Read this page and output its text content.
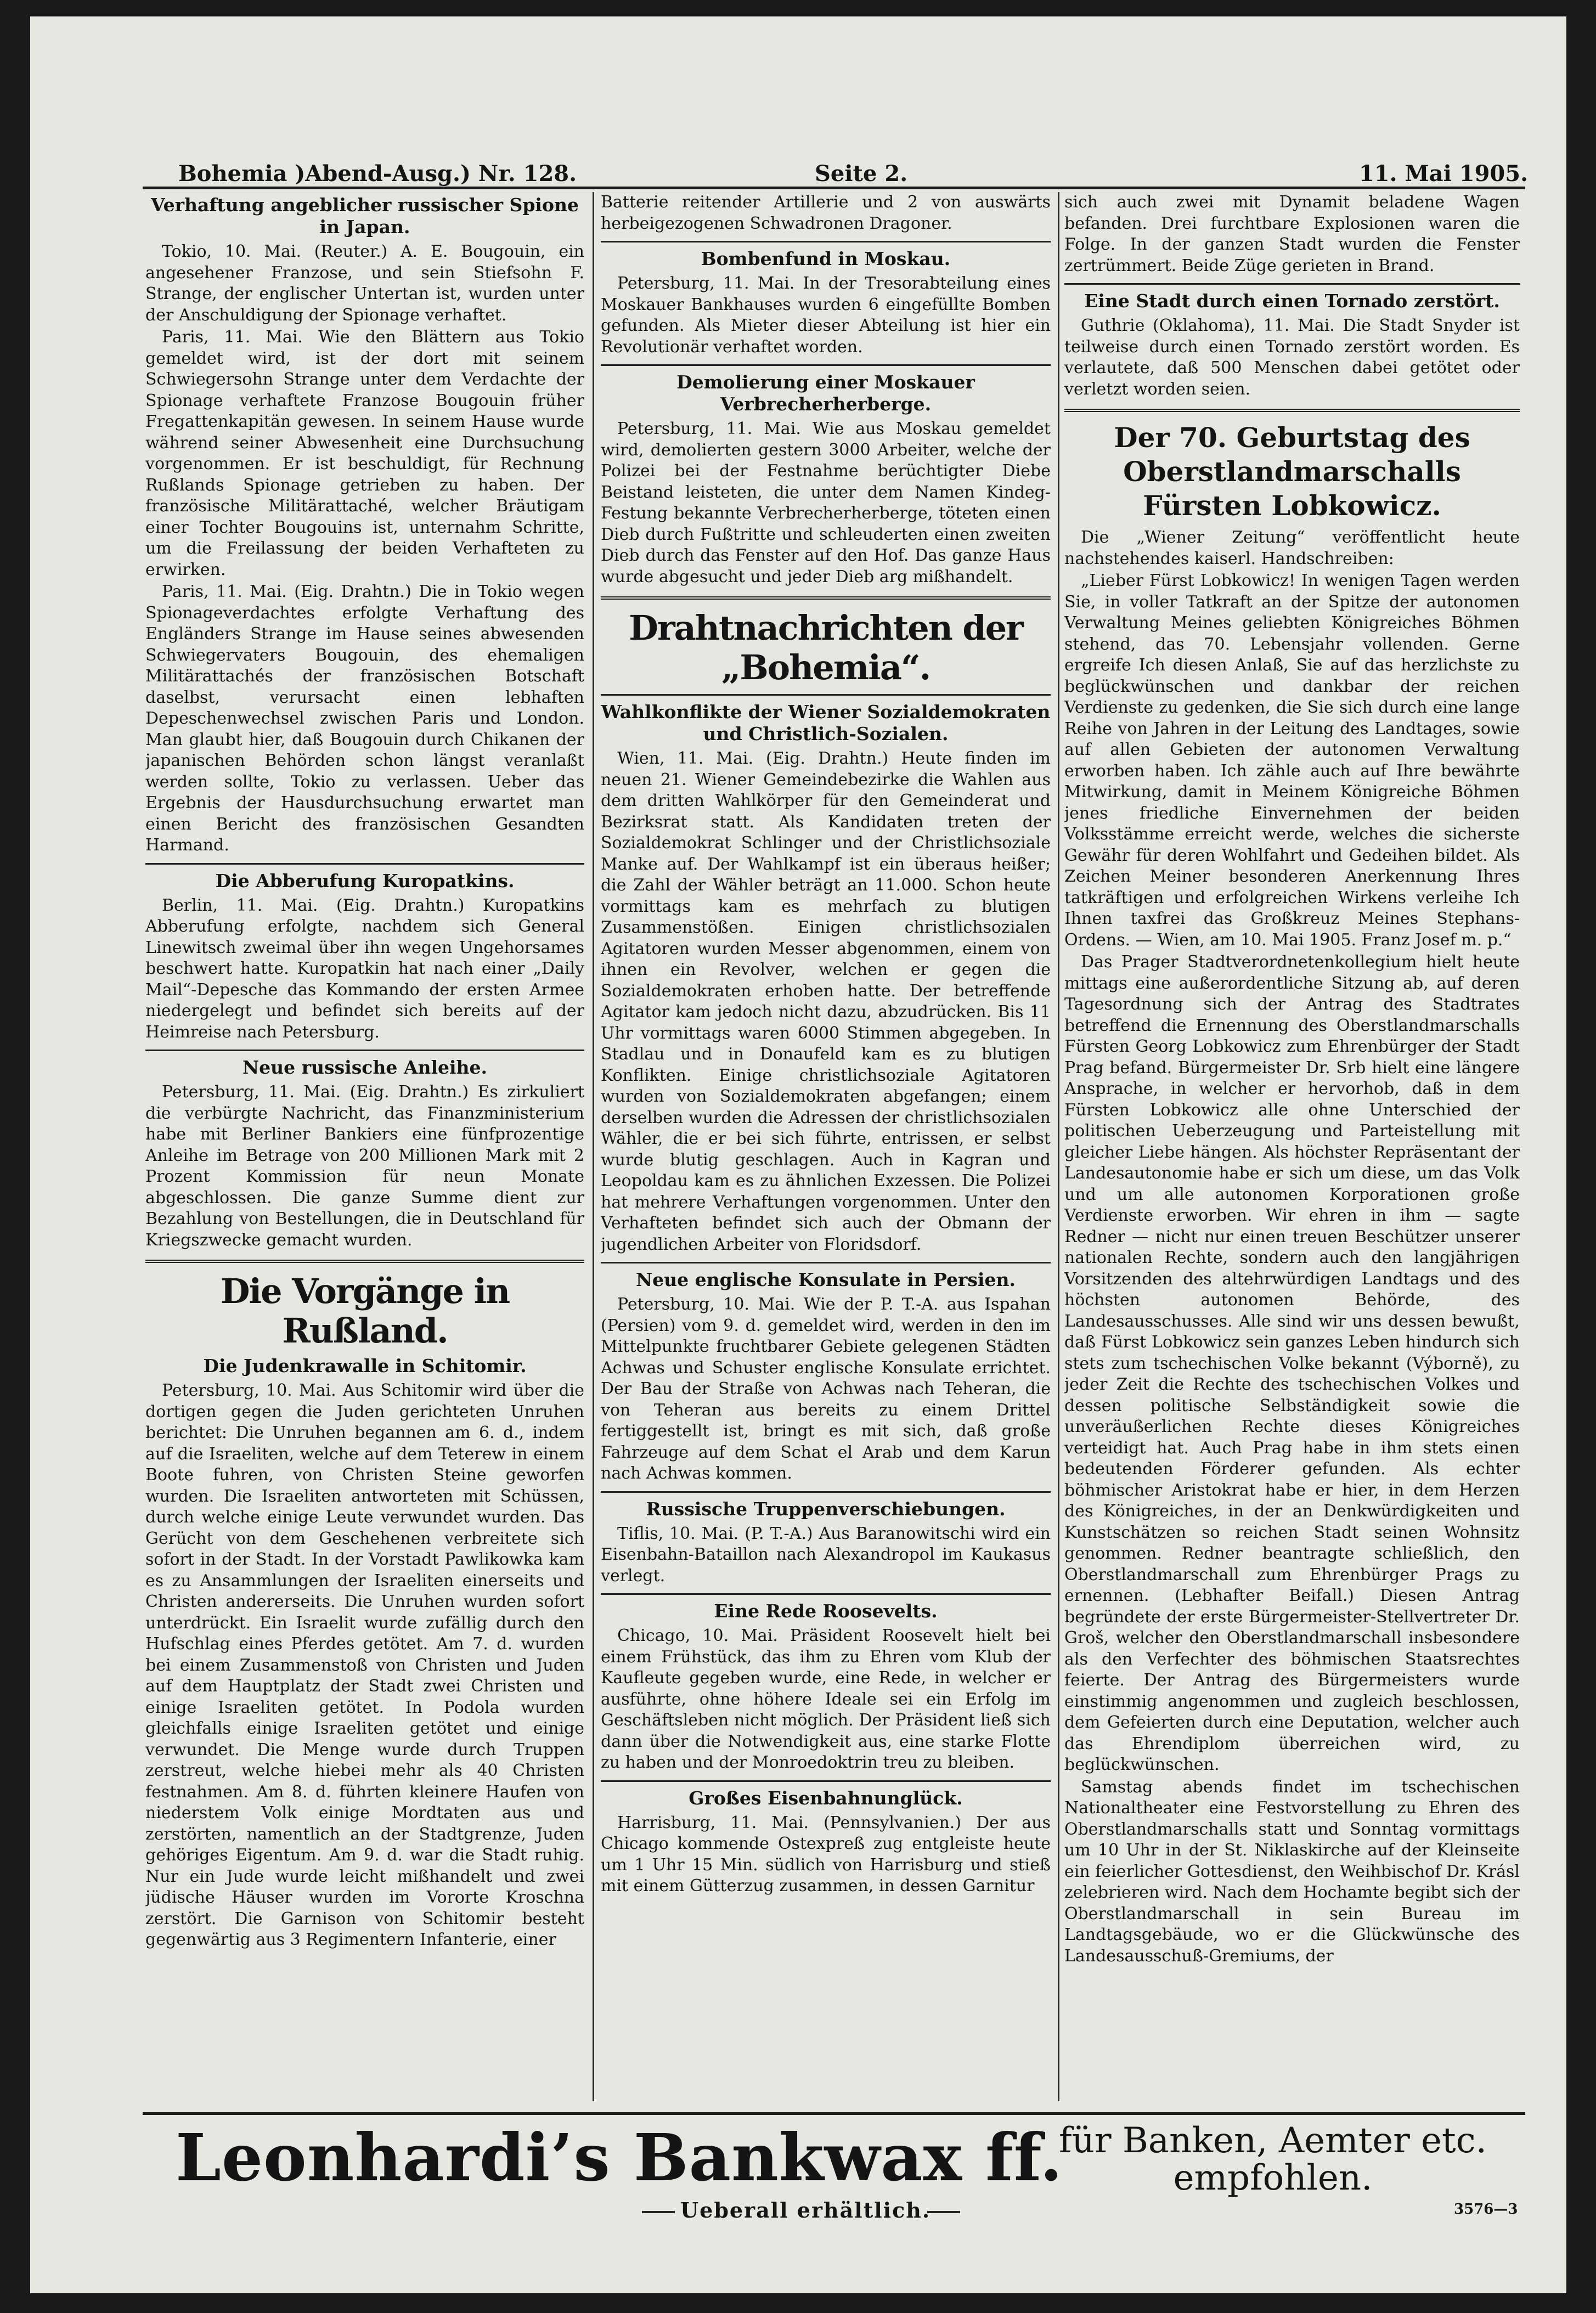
Bohemia )Abend-Ausg.) Nr. 128.	Seite 2.	11. Mai 1905.
Verhaftung angeblicher russischer Spione in Japan.

Tokio, 10. Mai. (Reuter.) A. E. Bougouin, ein angesehener Franzose, und sein Stiefsohn F. Strange, der englischer Untertan ist, wurden unter der Anschuldigung der Spionage verhaftet.

Paris, 11. Mai. Wie den Blättern aus Tokio gemeldet wird, ist der dort mit seinem Schwiegersohn Strange unter dem Verdachte der Spionage verhaftete Franzose Bougouin früher Fregattenkapitän gewesen. In seinem Hause wurde während seiner Abwesenheit eine Durchsuchung vorgenommen. Er ist beschuldigt, für Rechnung Rußlands Spionage getrieben zu haben. Der französische Militärattaché, welcher Bräutigam einer Tochter Bougouins ist, unternahm Schritte, um die Freilassung der beiden Verhafteten zu erwirken.

Paris, 11. Mai. (Eig. Drahtn.) Die in Tokio wegen Spionageverdachtes erfolgte Verhaftung des Engländers Strange im Hause seines abwesenden Schwiegervaters Bougouin, des ehemaligen Militärattachés der französischen Botschaft daselbst, verursacht einen lebhaften Depeschenwechsel zwischen Paris und London. Man glaubt hier, daß Bougouin durch Chikanen der japanischen Behörden schon längst veranlaßt werden sollte, Tokio zu verlassen. Ueber das Ergebnis der Hausdurchsuchung erwartet man einen Bericht des französischen Gesandten Harmand.

Die Abberufung Kuropatkins.

Berlin, 11. Mai. (Eig. Drahtn.) Kuropatkins Abberufung erfolgte, nachdem sich General Linewitsch zweimal über ihn wegen Ungehorsames beschwert hatte. Kuropatkin hat nach einer „Daily Mail“-Depesche das Kommando der ersten Armee niedergelegt und befindet sich bereits auf der Heimreise nach Petersburg.

Neue russische Anleihe.

Petersburg, 11. Mai. (Eig. Drahtn.) Es zirkuliert die verbürgte Nachricht, das Finanzministerium habe mit Berliner Bankiers eine fünfprozentige Anleihe im Betrage von 200 Millionen Mark mit 2 Prozent Kommission für neun Monate abgeschlossen. Die ganze Summe dient zur Bezahlung von Bestellungen, die in Deutschland für Kriegszwecke gemacht wurden.

Die Vorgänge in Rußland.
Die Judenkrawalle in Schitomir.

Petersburg, 10. Mai. Aus Schitomir wird über die dortigen gegen die Juden gerichteten Unruhen berichtet: Die Unruhen begannen am 6. d., indem auf die Israeliten, welche auf dem Teterew in einem Boote fuhren, von Christen Steine geworfen wurden. Die Israeliten antworteten mit Schüssen, durch welche einige Leute verwundet wurden. Das Gerücht von dem Geschehenen verbreitete sich sofort in der Stadt. In der Vorstadt Pawlikowka kam es zu Ansammlungen der Israeliten einerseits und Christen andererseits. Die Unruhen wurden sofort unterdrückt. Ein Israelit wurde zufällig durch den Hufschlag eines Pferdes getötet. Am 7. d. wurden bei einem Zusammenstoß von Christen und Juden auf dem Hauptplatz der Stadt zwei Christen und einige Israeliten getötet. In Podola wurden gleichfalls einige Israeliten getötet und einige verwundet. Die Menge wurde durch Truppen zerstreut, welche hiebei mehr als 40 Christen festnahmen. Am 8. d. führten kleinere Haufen von niederstem Volk einige Mordtaten aus und zerstörten, namentlich an der Stadtgrenze, Juden gehöriges Eigentum. Am 9. d. war die Stadt ruhig. Nur ein Jude wurde leicht mißhandelt und zwei jüdische Häuser wurden im Vororte Kroschna zerstört. Die Garnison von Schitomir besteht gegenwärtig aus 3 Regimentern Infanterie, einer

Batterie reitender Artillerie und 2 von auswärts herbeigezogenen Schwadronen Dragoner.

Bombenfund in Moskau.

Petersburg, 11. Mai. In der Tresorabteilung eines Moskauer Bankhauses wurden 6 eingefüllte Bomben gefunden. Als Mieter dieser Abteilung ist hier ein Revolutionär verhaftet worden.

Demolierung einer Moskauer Verbrecherherberge.

Petersburg, 11. Mai. Wie aus Moskau gemeldet wird, demolierten gestern 3000 Arbeiter, welche der Polizei bei der Festnahme berüchtigter Diebe Beistand leisteten, die unter dem Namen Kindeg-Festung bekannte Verbrecherherberge, töteten einen Dieb durch Fußtritte und schleuderten einen zweiten Dieb durch das Fenster auf den Hof. Das ganze Haus wurde abgesucht und jeder Dieb arg mißhandelt.

Drahtnachrichten der „Bohemia“.
Wahlkonflikte der Wiener Sozialdemokraten und Christlich-Sozialen.

Wien, 11. Mai. (Eig. Drahtn.) Heute finden im neuen 21. Wiener Gemeindebezirke die Wahlen aus dem dritten Wahlkörper für den Gemeinderat und Bezirksrat statt. Als Kandidaten treten der Sozialdemokrat Schlinger und der Christlichsoziale Manke auf. Der Wahlkampf ist ein überaus heißer; die Zahl der Wähler beträgt an 11.000. Schon heute vormittags kam es mehrfach zu blutigen Zusammenstößen. Einigen christlichsozialen Agitatoren wurden Messer abgenommen, einem von ihnen ein Revolver, welchen er gegen die Sozialdemokraten erhoben hatte. Der betreffende Agitator kam jedoch nicht dazu, abzudrücken. Bis 11 Uhr vormittags waren 6000 Stimmen abgegeben. In Stadlau und in Donaufeld kam es zu blutigen Konflikten. Einige christlichsoziale Agitatoren wurden von Sozialdemokraten abgefangen; einem derselben wurden die Adressen der christlichsozialen Wähler, die er bei sich führte, entrissen, er selbst wurde blutig geschlagen. Auch in Kagran und Leopoldau kam es zu ähnlichen Exzessen. Die Polizei hat mehrere Verhaftungen vorgenommen. Unter den Verhafteten befindet sich auch der Obmann der jugendlichen Arbeiter von Floridsdorf.

Neue englische Konsulate in Persien.

Petersburg, 10. Mai. Wie der P. T.-A. aus Ispahan (Persien) vom 9. d. gemeldet wird, werden in den im Mittelpunkte fruchtbarer Gebiete gelegenen Städten Achwas und Schuster englische Konsulate errichtet. Der Bau der Straße von Achwas nach Teheran, die von Teheran aus bereits zu einem Drittel fertiggestellt ist, bringt es mit sich, daß große Fahrzeuge auf dem Schat el Arab und dem Karun nach Achwas kommen.

Russische Truppenverschiebungen.

Tiflis, 10. Mai. (P. T.-A.) Aus Baranowitschi wird ein Eisenbahn-Bataillon nach Alexandropol im Kaukasus verlegt.

Eine Rede Roosevelts.

Chicago, 10. Mai. Präsident Roosevelt hielt bei einem Frühstück, das ihm zu Ehren vom Klub der Kaufleute gegeben wurde, eine Rede, in welcher er ausführte, ohne höhere Ideale sei ein Erfolg im Geschäftsleben nicht möglich. Der Präsident ließ sich dann über die Notwendigkeit aus, eine starke Flotte zu haben und der Monroedoktrin treu zu bleiben.

Großes Eisenbahnunglück.

Harrisburg, 11. Mai. (Pennsylvanien.) Der aus Chicago kommende Ostexpreß zug entgleiste heute um 1 Uhr 15 Min. südlich von Harrisburg und stieß mit einem Gütterzug zusammen, in dessen Garnitur

sich auch zwei mit Dynamit beladene Wagen befanden. Drei furchtbare Explosionen waren die Folge. In der ganzen Stadt wurden die Fenster zertrümmert. Beide Züge gerieten in Brand.

Eine Stadt durch einen Tornado zerstört.

Guthrie (Oklahoma), 11. Mai. Die Stadt Snyder ist teilweise durch einen Tornado zerstört worden. Es verlautete, daß 500 Menschen dabei getötet oder verletzt worden seien.

Der 70. Geburtstag des Oberstlandmarschalls Fürsten Lobkowicz.

Die „Wiener Zeitung“ veröffentlicht heute nachstehendes kaiserl. Handschreiben:

„Lieber Fürst Lobkowicz! In wenigen Tagen werden Sie, in voller Tatkraft an der Spitze der autonomen Verwaltung Meines geliebten Königreiches Böhmen stehend, das 70. Lebensjahr vollenden. Gerne ergreife Ich diesen Anlaß, Sie auf das herzlichste zu beglückwünschen und dankbar der reichen Verdienste zu gedenken, die Sie sich durch eine lange Reihe von Jahren in der Leitung des Landtages, sowie auf allen Gebieten der autonomen Verwaltung erworben haben. Ich zähle auch auf Ihre bewährte Mitwirkung, damit in Meinem Königreiche Böhmen jenes friedliche Einvernehmen der beiden Volksstämme erreicht werde, welches die sicherste Gewähr für deren Wohlfahrt und Gedeihen bildet. Als Zeichen Meiner besonderen Anerkennung Ihres tatkräftigen und erfolgreichen Wirkens verleihe Ich Ihnen taxfrei das Großkreuz Meines Stephans-Ordens. — Wien, am 10. Mai 1905. Franz Josef m. p.“

Das Prager Stadtverordnetenkollegium hielt heute mittags eine außerordentliche Sitzung ab, auf deren Tagesordnung sich der Antrag des Stadtrates betreffend die Ernennung des Oberstlandmarschalls Fürsten Georg Lobkowicz zum Ehrenbürger der Stadt Prag befand. Bürgermeister Dr. Srb hielt eine längere Ansprache, in welcher er hervorhob, daß in dem Fürsten Lobkowicz alle ohne Unterschied der politischen Ueberzeugung und Parteistellung mit gleicher Liebe hängen. Als höchster Repräsentant der Landesautonomie habe er sich um diese, um das Volk und um alle autonomen Korporationen große Verdienste erworben. Wir ehren in ihm — sagte Redner — nicht nur einen treuen Beschützer unserer nationalen Rechte, sondern auch den langjährigen Vorsitzenden des altehrwürdigen Landtags und des höchsten autonomen Behörde, des Landesausschusses. Alle sind wir uns dessen bewußt, daß Fürst Lobkowicz sein ganzes Leben hindurch sich stets zum tschechischen Volke bekannt (Výborně), zu jeder Zeit die Rechte des tschechischen Volkes und dessen politische Selbständigkeit sowie die unveräußerlichen Rechte dieses Königreiches verteidigt hat. Auch Prag habe in ihm stets einen bedeutenden Förderer gefunden. Als echter böhmischer Aristokrat habe er hier, in dem Herzen des Königreiches, in der an Denkwürdigkeiten und Kunstschätzen so reichen Stadt seinen Wohnsitz genommen. Redner beantragte schließlich, den Oberstlandmarschall zum Ehrenbürger Prags zu ernennen. (Lebhafter Beifall.) Diesen Antrag begründete der erste Bürgermeister-Stellvertreter Dr. Groš, welcher den Oberstlandmarschall insbesondere als den Verfechter des böhmischen Staatsrechtes feierte. Der Antrag des Bürgermeisters wurde einstimmig angenommen und zugleich beschlossen, dem Gefeierten durch eine Deputation, welcher auch das Ehrendiplom überreichen wird, zu beglückwünschen.

Samstag abends findet im tschechischen Nationaltheater eine Festvorstellung zu Ehren des Oberstlandmarschalls statt und Sonntag vormittags um 10 Uhr in der St. Niklaskirche auf der Kleinseite ein feierlicher Gottesdienst, den Weihbischof Dr. Krásl zelebrieren wird. Nach dem Hochamte begibt sich der Oberstlandmarschall in sein Bureau im Landtagsgebäude, wo er die Glückwünsche des Landesausschuß-Gremiums, der

Leonhardi’s Bankwax ff.
für Banken, Aemter etc.
empfohlen.
Ueberall erhältlich.	3576—3
